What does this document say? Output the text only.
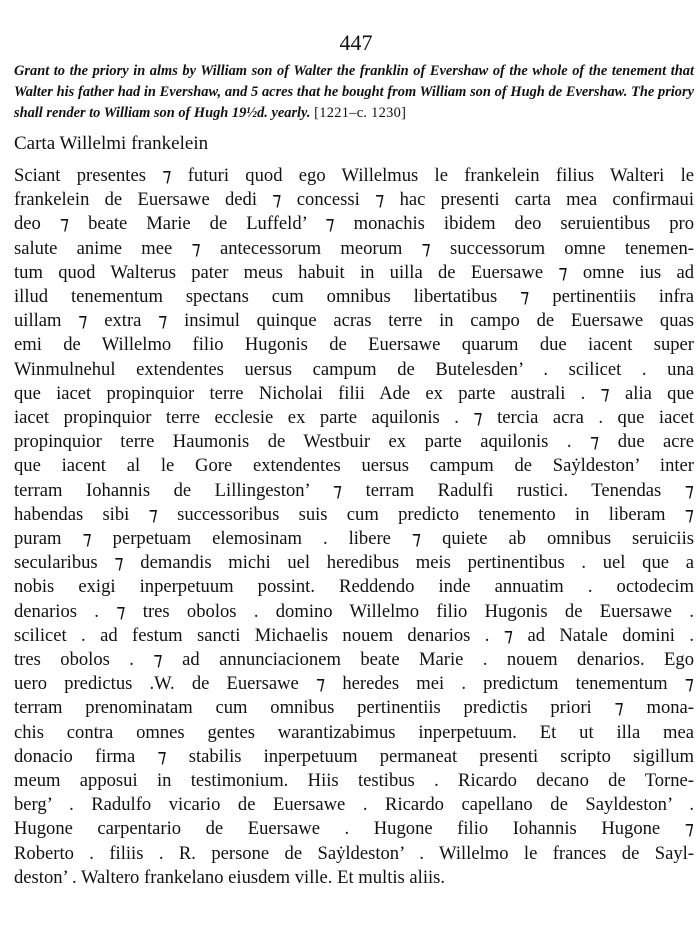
447

Grant to the priory in alms by William son of Walter the franklin of Evershaw of the whole of the tenement that Walter his father had in Evershaw, and 5 acres that he bought from William son of Hugh de Evershaw. The priory shall render to William son of Hugh 19½d. yearly. [1221–c. 1230]

Carta Willelmi frankelein
Sciant presentes ⁊ futuri quod ego Willelmus le frankelein filius Walteri le
frankelein de Euersawe dedi ⁊ concessi ⁊ hac presenti carta mea confirmaui
deo ⁊ beate Marie de Luffeld’ ⁊ monachis ibidem deo seruientibus pro
salute anime mee ⁊ antecessorum meorum ⁊ successorum omne tenemen-
tum quod Walterus pater meus habuit in uilla de Euersawe ⁊ omne ius ad
illud tenementum spectans cum omnibus libertatibus ⁊ pertinentiis infra
uillam ⁊ extra ⁊ insimul quinque acras terre in campo de Euersawe quas
emi de Willelmo filio Hugonis de Euersawe quarum due iacent super
Winmulnehul extendentes uersus campum de Butelesden’ . scilicet . una
que iacet propinquior terre Nicholai filii Ade ex parte australi . ⁊ alia que
iacet propinquior terre ecclesie ex parte aquilonis . ⁊ tercia acra . que iacet
propinquior terre Haumonis de Westbuir ex parte aquilonis . ⁊ due acre
que iacent al le Gore extendentes uersus campum de Saẏldeston’ inter
terram Iohannis de Lillingeston’ ⁊ terram Radulfi rustici. Tenendas ⁊
habendas sibi ⁊ successoribus suis cum predicto tenemento in liberam ⁊
puram ⁊ perpetuam elemosinam . libere ⁊ quiete ab omnibus seruiciis
secularibus ⁊ demandis michi uel heredibus meis pertinentibus . uel que a
nobis exigi inperpetuum possint. Reddendo inde annuatim . octodecim
denarios . ⁊ tres obolos . domino Willelmo filio Hugonis de Euersawe .
scilicet . ad festum sancti Michaelis nouem denarios . ⁊ ad Natale domini .
tres obolos . ⁊ ad annunciacionem beate Marie . nouem denarios. Ego
uero predictus .W. de Euersawe ⁊ heredes mei . predictum tenementum ⁊
terram prenominatam cum omnibus pertinentiis predictis priori ⁊ mona-
chis contra omnes gentes warantizabimus inperpetuum. Et ut illa mea
donacio firma ⁊ stabilis inperpetuum permaneat presenti scripto sigillum
meum apposui in testimonium. Hiis testibus . Ricardo decano de Torne-
berg’ . Radulfo vicario de Euersawe . Ricardo capellano de Sayldeston’ .
Hugone carpentario de Euersawe . Hugone filio Iohannis Hugone ⁊
Roberto . filiis . R. persone de Saẏldeston’ . Willelmo le frances de Sayl-
deston’ . Waltero frankelano eiusdem ville. Et multis aliis.
